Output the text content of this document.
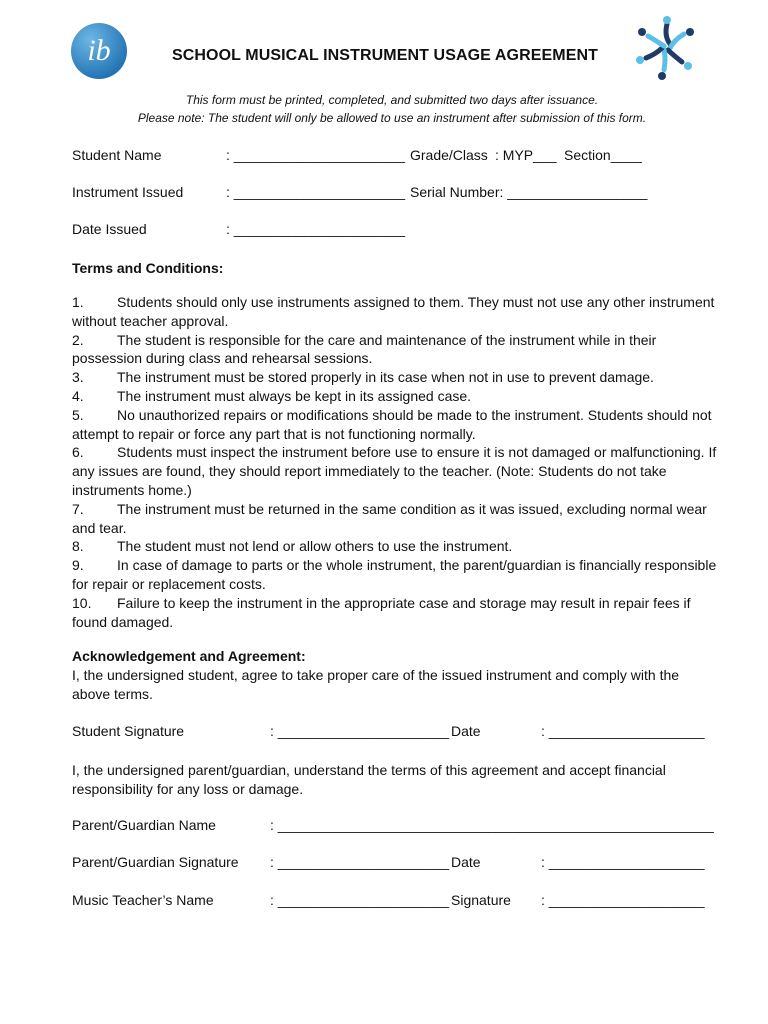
ib	SCHOOL MUSICAL INSTRUMENT USAGE AGREEMENT
This form must be printed, completed, and submitted two days after issuance.
Please note: The student will only be allowed to use an instrument after submission of this form.
Student Name	: ______________________ Grade/Class : MYP___ Section____
Instrument Issued	: ______________________ Serial Number: __________________
Date Issued	: ______________________
Terms and Conditions:

1. Students should only use instruments assigned to them. They must not use any other instrument without teacher approval.

2. The student is responsible for the care and maintenance of the instrument while in their possession during class and rehearsal sessions.

3. The instrument must be stored properly in its case when not in use to prevent damage.

4. The instrument must always be kept in its assigned case.

5. No unauthorized repairs or modifications should be made to the instrument. Students should not attempt to repair or force any part that is not functioning normally.

6. Students must inspect the instrument before use to ensure it is not damaged or malfunctioning. If any issues are found, they should report immediately to the teacher. (Note: Students do not take instruments home.)

7. The instrument must be returned in the same condition as it was issued, excluding normal wear and tear.

8. The student must not lend or allow others to use the instrument.

9. In case of damage to parts or the whole instrument, the parent/guardian is financially responsible for repair or replacement costs.

10. Failure to keep the instrument in the appropriate case and storage may result in repair fees if found damaged.

Acknowledgement and Agreement:
I, the undersigned student, agree to take proper care of the issued instrument and comply with the above terms.
Student Signature	: ______________________ Date	: ____________________
I, the undersigned parent/guardian, understand the terms of this agreement and accept financial responsibility for any loss or damage.
Parent/Guardian Name	: ________________________________________________________
Parent/Guardian Signature : ______________________ Date	: ____________________
Music Teacher’s Name	: ______________________ Signature : ____________________
